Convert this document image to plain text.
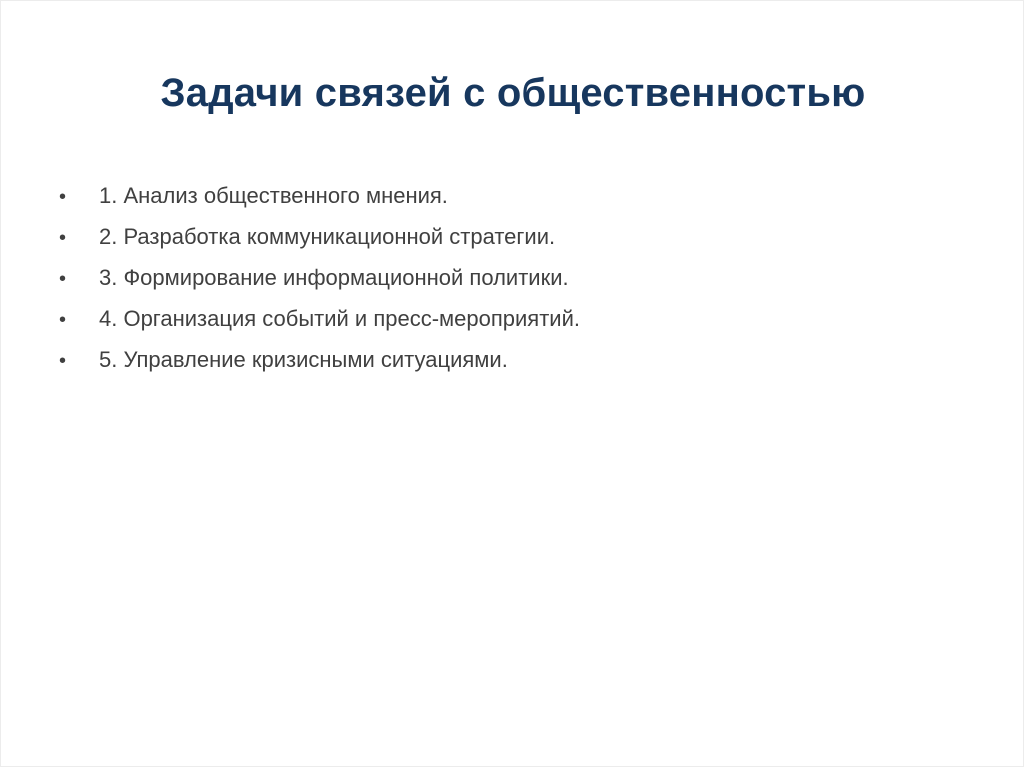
Задачи связей с общественностью
•	1. Анализ общественного мнения.
•	2. Разработка коммуникационной стратегии.
•	3. Формирование информационной политики.
•	4. Организация событий и пресс-мероприятий.
•	5. Управление кризисными ситуациями.
